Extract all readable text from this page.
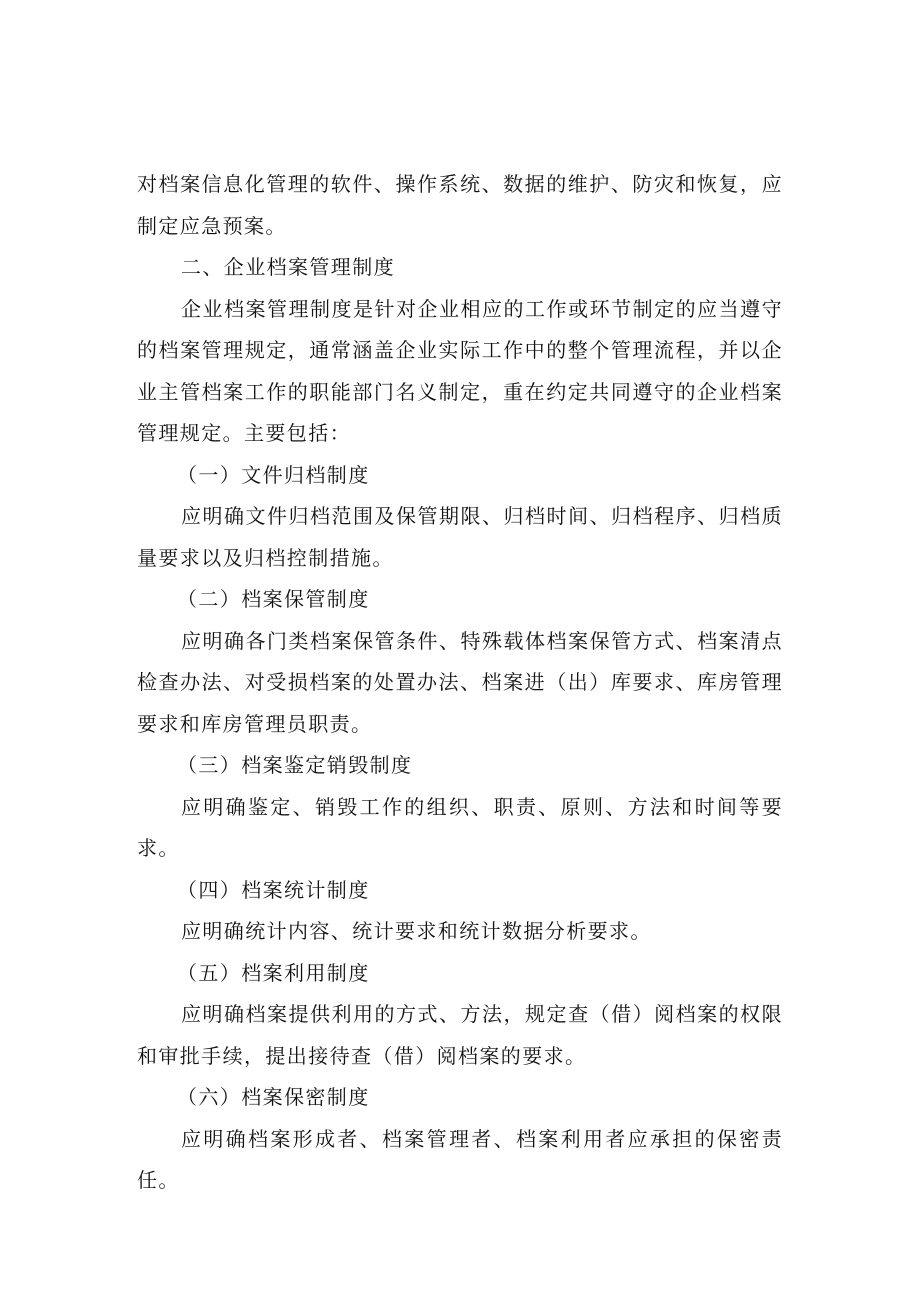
对档案信息化管理的软件、操作系统、数据的维护、防灾和恢复，应制定应急预案。

二、企业档案管理制度

企业档案管理制度是针对企业相应的工作或环节制定的应当遵守的档案管理规定，通常涵盖企业实际工作中的整个管理流程，并以企业主管档案工作的职能部门名义制定，重在约定共同遵守的企业档案管理规定。主要包括：

（一）文件归档制度

应明确文件归档范围及保管期限、归档时间、归档程序、归档质量要求以及归档控制措施。

（二）档案保管制度

应明确各门类档案保管条件、特殊载体档案保管方式、档案清点检查办法、对受损档案的处置办法、档案进（出）库要求、库房管理要求和库房管理员职责。

（三）档案鉴定销毁制度

应明确鉴定、销毁工作的组织、职责、原则、方法和时间等要求。

（四）档案统计制度

应明确统计内容、统计要求和统计数据分析要求。

（五）档案利用制度

应明确档案提供利用的方式、方法，规定查（借）阅档案的权限和审批手续，提出接待查（借）阅档案的要求。

（六）档案保密制度

应明确档案形成者、档案管理者、档案利用者应承担的保密责任。
